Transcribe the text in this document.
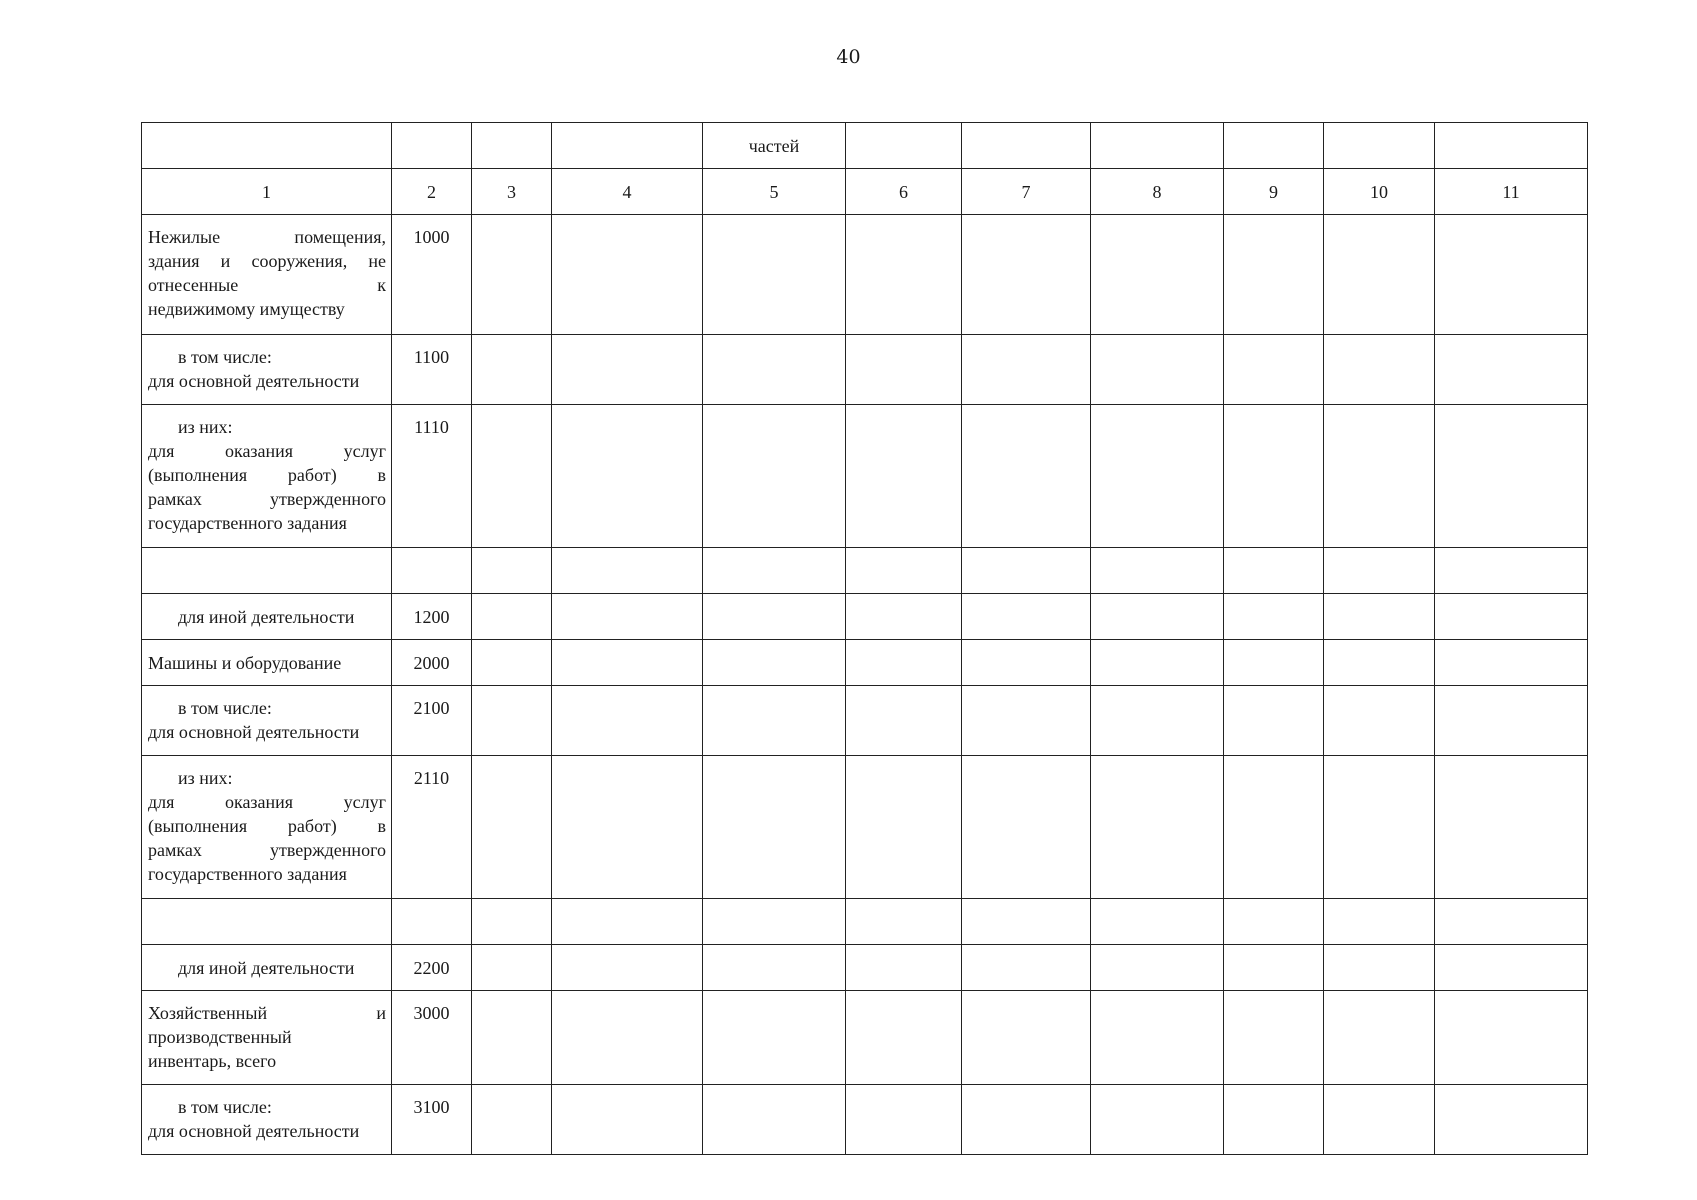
40
				частей						
1	2	3	4	5	6	7	8	9	10	11

Нежилые помещения,
здания и сооружения, не
отнесенные к
недвижимому имуществу	1000									

в том числе:
для основной деятельности	1100									

из них:
для оказания услуг
(выполнения работ) в
рамках утвержденного
государственного задания	1110									

для иной деятельности	1200									

Машины и оборудование	2000									

в том числе:
для основной деятельности	2100									

из них:
для оказания услуг
(выполнения работ) в
рамках утвержденного
государственного задания	2110									

для иной деятельности	2200									

Хозяйственный и
производственный
инвентарь, всего	3000									

в том числе:
для основной деятельности	3100									
